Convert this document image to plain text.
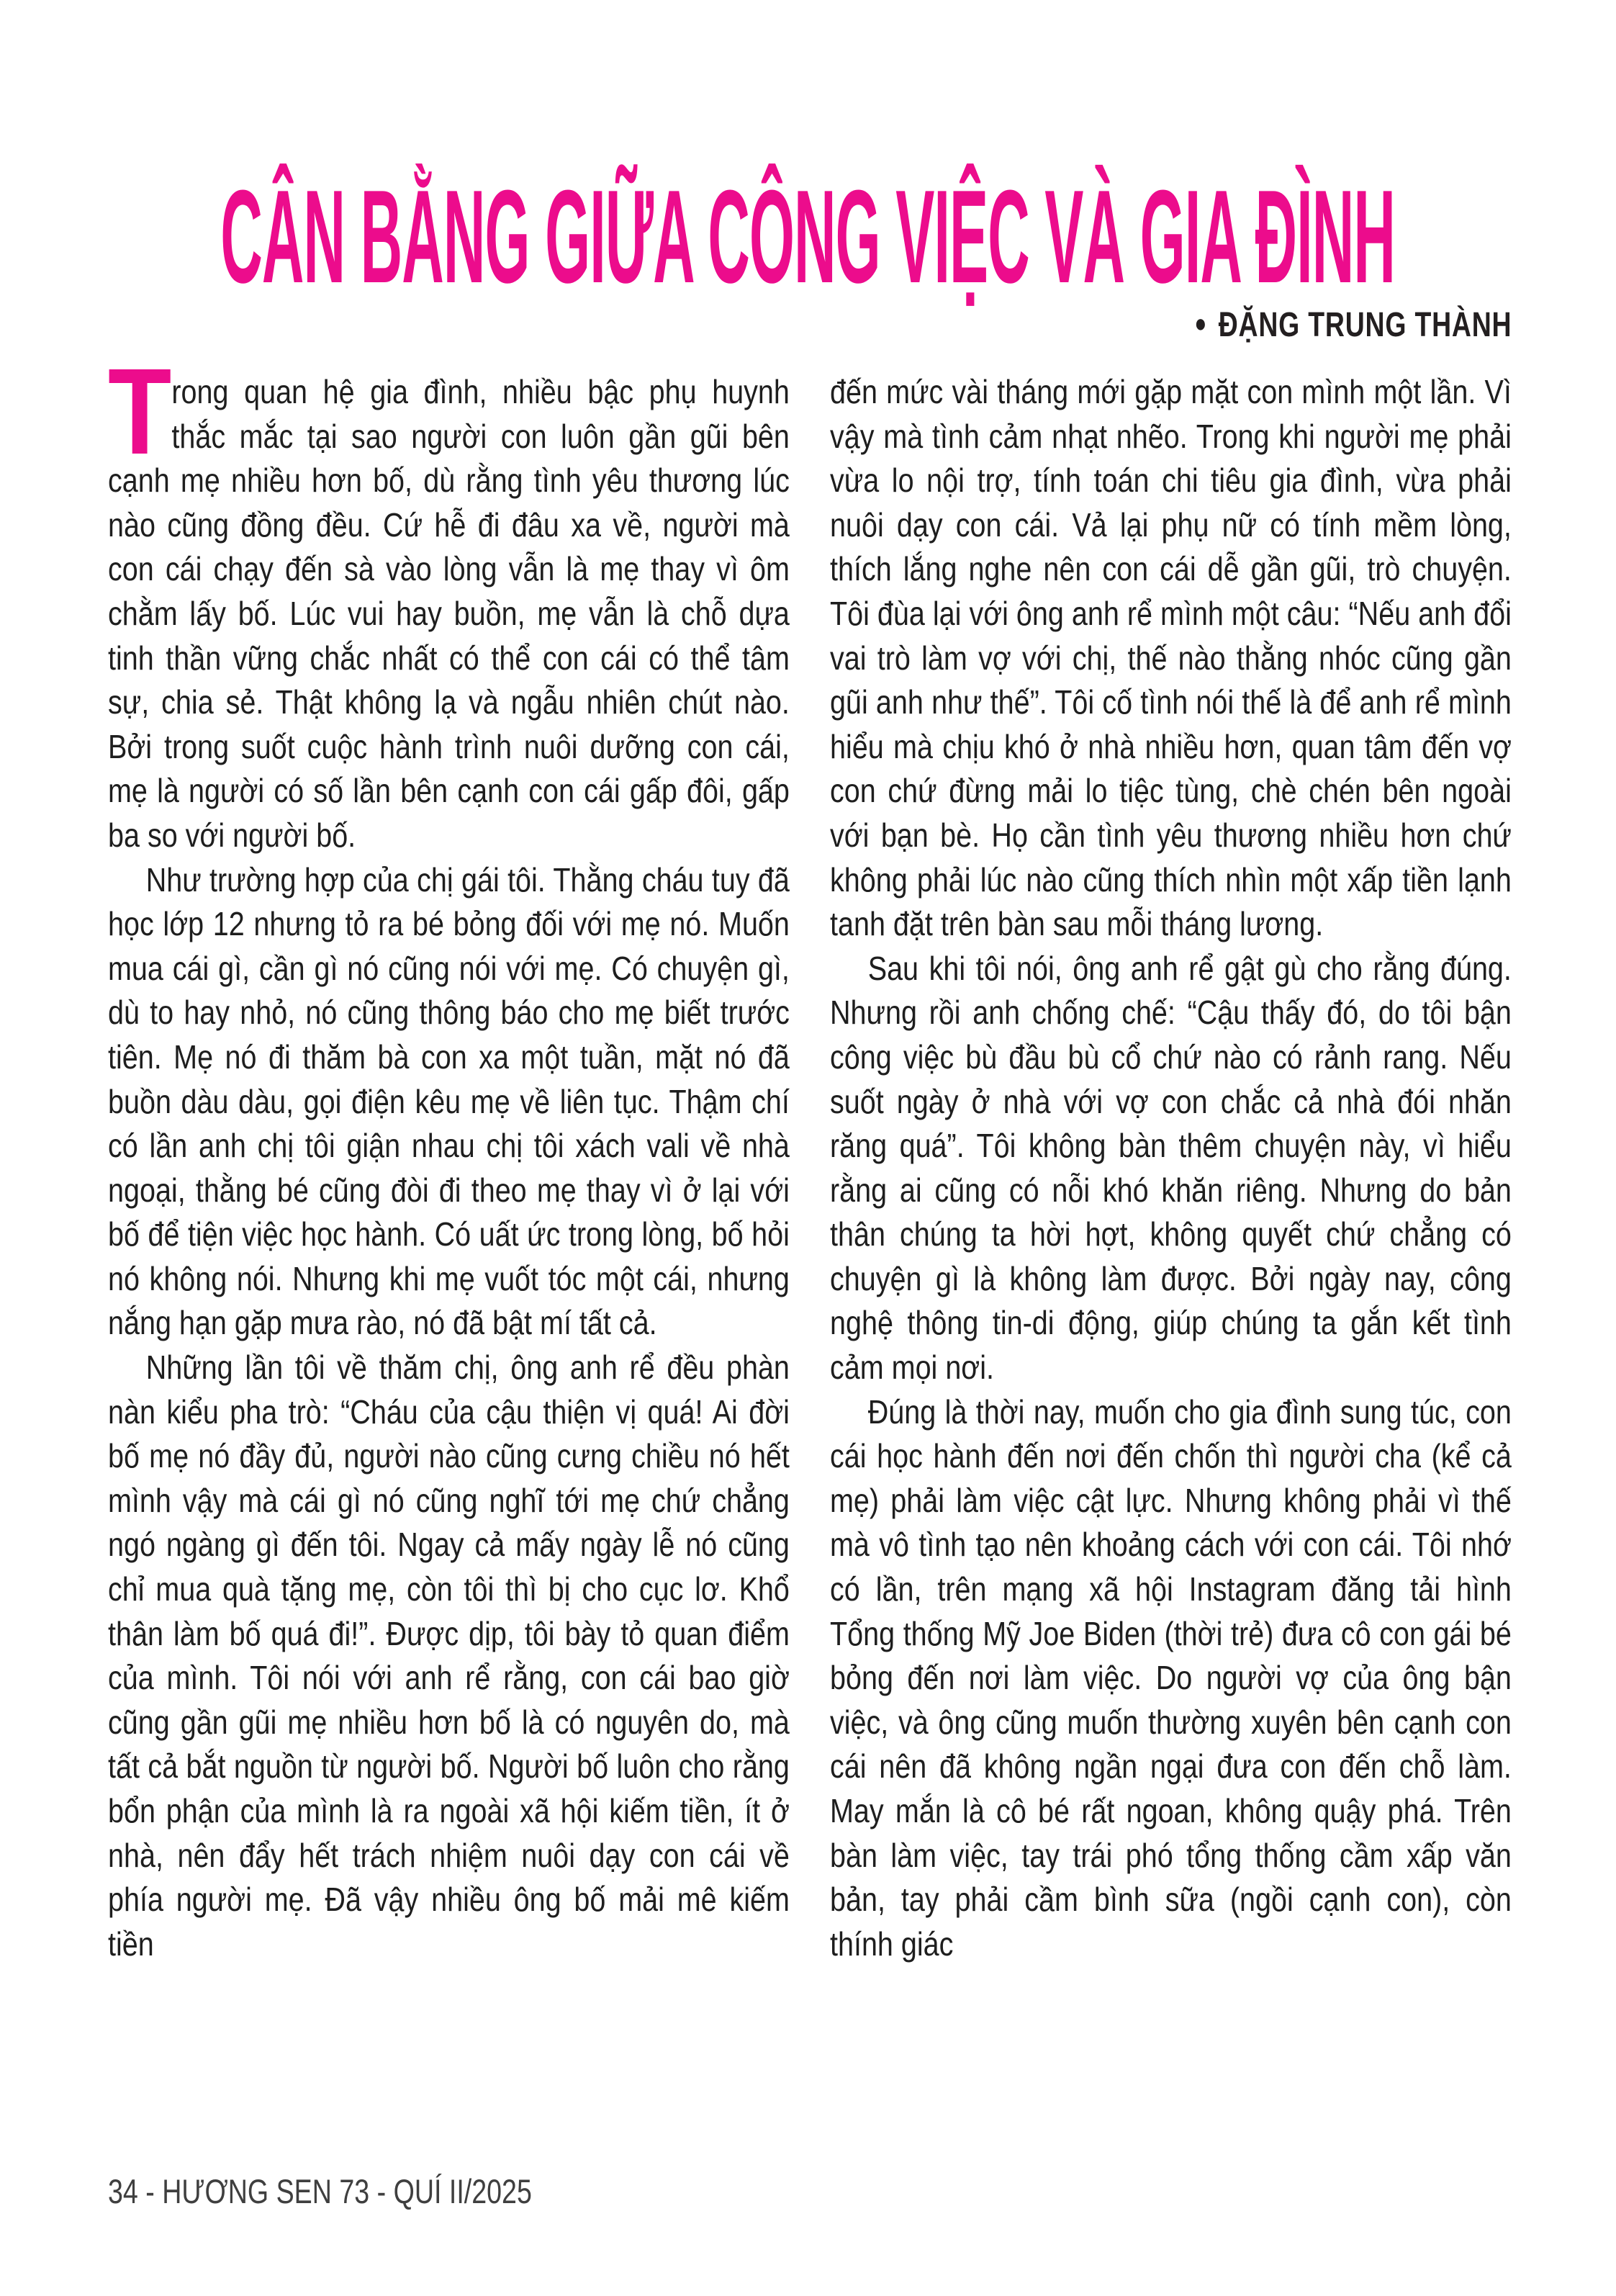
CÂN BẰNG GIỮA CÔNG VIỆC VÀ GIA ĐÌNH
● ĐẶNG TRUNG THÀNH

Trong quan hệ gia đình, nhiều bậc phụ huynh thắc mắc tại sao người con luôn gần gũi bên cạnh mẹ nhiều hơn bố, dù rằng tình yêu thương lúc nào cũng đồng đều. Cứ hễ đi đâu xa về, người mà con cái chạy đến sà vào lòng vẫn là mẹ thay vì ôm chằm lấy bố. Lúc vui hay buồn, mẹ vẫn là chỗ dựa tinh thần vững chắc nhất có thể con cái có thể tâm sự, chia sẻ. Thật không lạ và ngẫu nhiên chút nào. Bởi trong suốt cuộc hành trình nuôi dưỡng con cái, mẹ là người có số lần bên cạnh con cái gấp đôi, gấp ba so với người bố.

Như trường hợp của chị gái tôi. Thằng cháu tuy đã học lớp 12 nhưng tỏ ra bé bỏng đối với mẹ nó. Muốn mua cái gì, cần gì nó cũng nói với mẹ. Có chuyện gì, dù to hay nhỏ, nó cũng thông báo cho mẹ biết trước tiên. Mẹ nó đi thăm bà con xa một tuần, mặt nó đã buồn dàu dàu, gọi điện kêu mẹ về liên tục. Thậm chí có lần anh chị tôi giận nhau chị tôi xách vali về nhà ngoại, thằng bé cũng đòi đi theo mẹ thay vì ở lại với bố để tiện việc học hành. Có uất ức trong lòng, bố hỏi nó không nói. Nhưng khi mẹ vuốt tóc một cái, nhưng nắng hạn gặp mưa rào, nó đã bật mí tất cả.

Những lần tôi về thăm chị, ông anh rể đều phàn nàn kiểu pha trò: “Cháu của cậu thiện vị quá! Ai đời bố mẹ nó đầy đủ, người nào cũng cưng chiều nó hết mình vậy mà cái gì nó cũng nghĩ tới mẹ chứ chẳng ngó ngàng gì đến tôi. Ngay cả mấy ngày lễ nó cũng chỉ mua quà tặng mẹ, còn tôi thì bị cho cục lơ. Khổ thân làm bố quá đi!”. Được dịp, tôi bày tỏ quan điểm của mình. Tôi nói với anh rể rằng, con cái bao giờ cũng gần gũi mẹ nhiều hơn bố là có nguyên do, mà tất cả bắt nguồn từ người bố. Người bố luôn cho rằng bổn phận của mình là ra ngoài xã hội kiếm tiền, ít ở nhà, nên đẩy hết trách nhiệm nuôi dạy con cái về phía người mẹ. Đã vậy nhiều ông bố mải mê kiếm tiền

đến mức vài tháng mới gặp mặt con mình một lần. Vì vậy mà tình cảm nhạt nhẽo. Trong khi người mẹ phải vừa lo nội trợ, tính toán chi tiêu gia đình, vừa phải nuôi dạy con cái. Vả lại phụ nữ có tính mềm lòng, thích lắng nghe nên con cái dễ gần gũi, trò chuyện. Tôi đùa lại với ông anh rể mình một câu: “Nếu anh đổi vai trò làm vợ với chị, thế nào thằng nhóc cũng gần gũi anh như thế”. Tôi cố tình nói thế là để anh rể mình hiểu mà chịu khó ở nhà nhiều hơn, quan tâm đến vợ con chứ đừng mải lo tiệc tùng, chè chén bên ngoài với bạn bè. Họ cần tình yêu thương nhiều hơn chứ không phải lúc nào cũng thích nhìn một xấp tiền lạnh tanh đặt trên bàn sau mỗi tháng lương.

Sau khi tôi nói, ông anh rể gật gù cho rằng đúng. Nhưng rồi anh chống chế: “Cậu thấy đó, do tôi bận công việc bù đầu bù cổ chứ nào có rảnh rang. Nếu suốt ngày ở nhà với vợ con chắc cả nhà đói nhăn răng quá”. Tôi không bàn thêm chuyện này, vì hiểu rằng ai cũng có nỗi khó khăn riêng. Nhưng do bản thân chúng ta hời hợt, không quyết chứ chẳng có chuyện gì là không làm được. Bởi ngày nay, công nghệ thông tin-di động, giúp chúng ta gắn kết tình cảm mọi nơi.

Đúng là thời nay, muốn cho gia đình sung túc, con cái học hành đến nơi đến chốn thì người cha (kể cả mẹ) phải làm việc cật lực. Nhưng không phải vì thế mà vô tình tạo nên khoảng cách với con cái. Tôi nhớ có lần, trên mạng xã hội Instagram đăng tải hình Tổng thống Mỹ Joe Biden (thời trẻ) đưa cô con gái bé bỏng đến nơi làm việc. Do người vợ của ông bận việc, và ông cũng muốn thường xuyên bên cạnh con cái nên đã không ngần ngại đưa con đến chỗ làm. May mắn là cô bé rất ngoan, không quậy phá. Trên bàn làm việc, tay trái phó tổng thống cầm xấp văn bản, tay phải cầm bình sữa (ngồi cạnh con), còn thính giác

34 - HƯƠNG SEN 73 - QUÍ II/2025
